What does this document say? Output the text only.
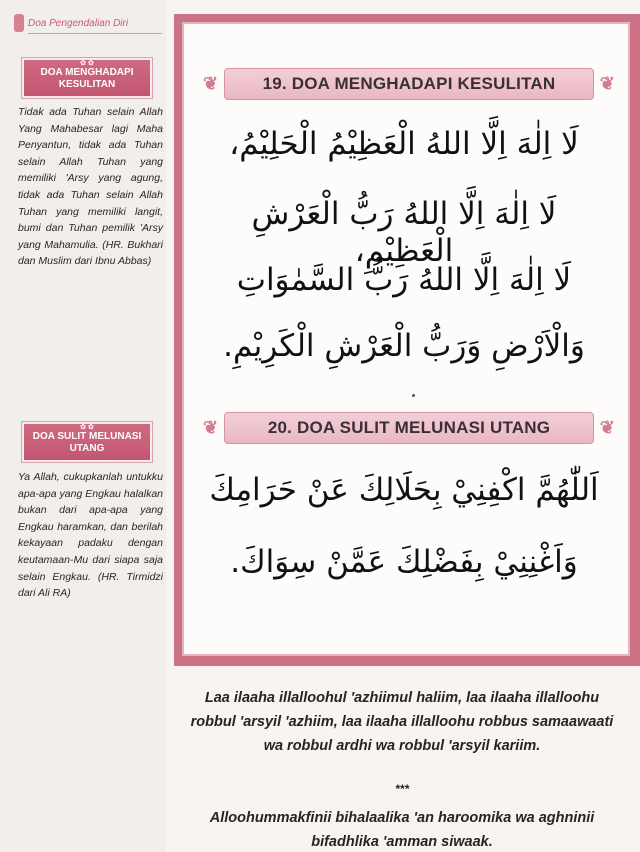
Doa Pengendalian Diri
✿ ✿
DOA MENGHADAPI KESULITAN
Tidak ada Tuhan selain Allah Yang Mahabesar lagi Maha Penyantun, tidak ada Tuhan selain Allah Tuhan yang memiliki 'Arsy yang agung, tidak ada Tuhan selain Allah Tuhan yang memiliki langit, bumi dan Tuhan pemilik 'Arsy yang Mahamulia. (HR. Bukhari dan Muslim dari Ibnu Abbas)
✿ ✿
DOA SULIT MELUNASI UTANG
Ya Allah, cukupkanlah untukku apa-apa yang Engkau halalkan bukan dari apa-apa yang Engkau haramkan, dan berilah kekayaan padaku dengan keutamaan-Mu dari siapa saja selain Engkau. (HR. Tirmidzi dari Ali RA)
❦	19. DOA MENGHADAPI KESULITAN ❦
لَا اِلٰهَ اِلَّا اللهُ الْعَظِيْمُ الْحَلِيْمُ،
لَا اِلٰهَ اِلَّا اللهُ رَبُّ الْعَرْشِ الْعَظِيْمِ،
لَا اِلٰهَ اِلَّا اللهُ رَبُّ السَّمٰوَاتِ
وَالْاَرْضِ وَرَبُّ الْعَرْشِ الْكَرِيْمِ.
❦	20. DOA SULIT MELUNASI UTANG	❦
اَللّٰهُمَّ اكْفِنِيْ بِحَلَالِكَ عَنْ حَرَامِكَ
وَاَغْنِنِيْ بِفَضْلِكَ عَمَّنْ سِوَاكَ.
Laa ilaaha illalloohul 'azhiimul haliim, laa ilaaha illalloohu robbul 'arsyil 'azhiim, laa ilaaha illalloohu robbus samaawaati wa robbul ardhi wa robbul 'arsyil kariim.
***
Alloohummakfinii bihalaalika 'an haroomika wa aghninii bifadhlika 'amman siwaak.
